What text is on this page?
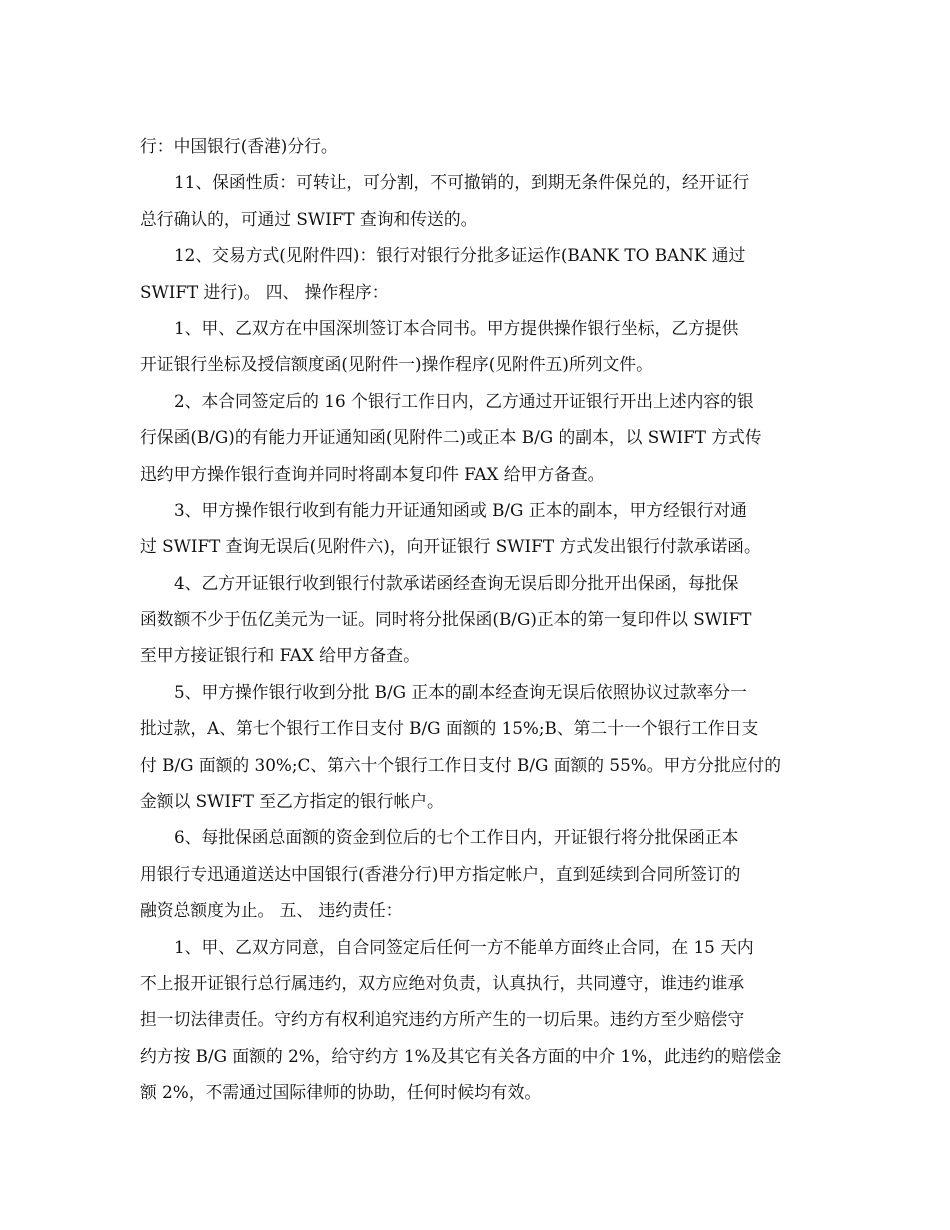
行：中国银行(香港)分行。

11、保函性质：可转让，可分割，不可撤销的，到期无条件保兑的，经开证行

总行确认的，可通过 SWIFT 查询和传送的。

12、交易方式(见附件四)：银行对银行分批多证运作(BANK TO BANK 通过

SWIFT 进行)。 四、 操作程序：

1、甲、乙双方在中国深圳签订本合同书。甲方提供操作银行坐标，乙方提供

开证银行坐标及授信额度函(见附件一)操作程序(见附件五)所列文件。

2、本合同签定后的 16 个银行工作日内，乙方通过开证银行开出上述内容的银

行保函(B/G)的有能力开证通知函(见附件二)或正本 B/G 的副本，以 SWIFT 方式传

迅约甲方操作银行查询并同时将副本复印件 FAX 给甲方备查。

3、甲方操作银行收到有能力开证通知函或 B/G 正本的副本，甲方经银行对通

过 SWIFT 查询无误后(见附件六)，向开证银行 SWIFT 方式发出银行付款承诺函。

4、乙方开证银行收到银行付款承诺函经查询无误后即分批开出保函，每批保

函数额不少于伍亿美元为一证。同时将分批保函(B/G)正本的第一复印件以 SWIFT

至甲方接证银行和 FAX 给甲方备查。

5、甲方操作银行收到分批 B/G 正本的副本经查询无误后依照协议过款率分一

批过款，A、第七个银行工作日支付 B/G 面额的 15%;B、第二十一个银行工作日支

付 B/G 面额的 30%;C、第六十个银行工作日支付 B/G 面额的 55%。甲方分批应付的

金额以 SWIFT 至乙方指定的银行帐户。

6、每批保函总面额的资金到位后的七个工作日内，开证银行将分批保函正本

用银行专迅通道送达中国银行(香港分行)甲方指定帐户，直到延续到合同所签订的

融资总额度为止。 五、 违约责任：

1、甲、乙双方同意，自合同签定后任何一方不能单方面终止合同，在 15 天内

不上报开证银行总行属违约，双方应绝对负责，认真执行，共同遵守，谁违约谁承

担一切法律责任。守约方有权利追究违约方所产生的一切后果。违约方至少赔偿守

约方按 B/G 面额的 2%，给守约方 1%及其它有关各方面的中介 1%，此违约的赔偿金

额 2%，不需通过国际律师的协助，任何时候均有效。
